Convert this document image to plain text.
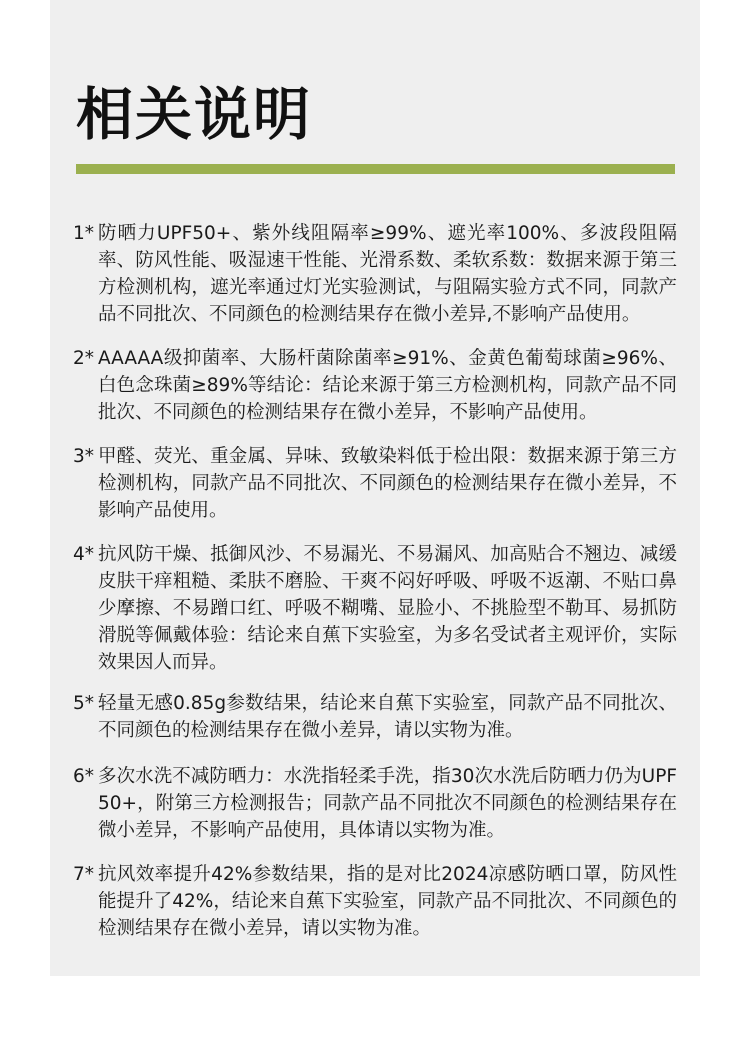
相关说明
1* 防晒力UPF50+、紫外线阻隔率≥99%、遮光率100%、多波段阻隔率、防风性能、吸湿速干性能、光滑系数、柔软系数：数据来源于第三方检测机构，遮光率通过灯光实验测试，与阻隔实验方式不同，同款产品不同批次、不同颜色的检测结果存在微小差异,不影响产品使用。
2* AAAAA级抑菌率、大肠杆菌除菌率≥91%、金黄色葡萄球菌≥96%、白色念珠菌≥89%等结论：结论来源于第三方检测机构，同款产品不同批次、不同颜色的检测结果存在微小差异，不影响产品使用。
3* 甲醛、荧光、重金属、异味、致敏染料低于检出限：数据来源于第三方检测机构，同款产品不同批次、不同颜色的检测结果存在微小差异，不影响产品使用。
4* 抗风防干燥、抵御风沙、不易漏光、不易漏风、加高贴合不翘边、减缓皮肤干痒粗糙、柔肤不磨脸、干爽不闷好呼吸、呼吸不返潮、不贴口鼻少摩擦、不易蹭口红、呼吸不糊嘴、显脸小、不挑脸型不勒耳、易抓防滑脱等佩戴体验：结论来自蕉下实验室，为多名受试者主观评价，实际效果因人而异。
5* 轻量无感0.85g参数结果，结论来自蕉下实验室，同款产品不同批次、不同颜色的检测结果存在微小差异，请以实物为准。
6* 多次水洗不减防晒力：水洗指轻柔手洗，指30次水洗后防晒力仍为UPF50+，附第三方检测报告；同款产品不同批次不同颜色的检测结果存在微小差异，不影响产品使用，具体请以实物为准。
7* 抗风效率提升42%参数结果，指的是对比2024凉感防晒口罩，防风性能提升了42%，结论来自蕉下实验室，同款产品不同批次、不同颜色的检测结果存在微小差异，请以实物为准。
